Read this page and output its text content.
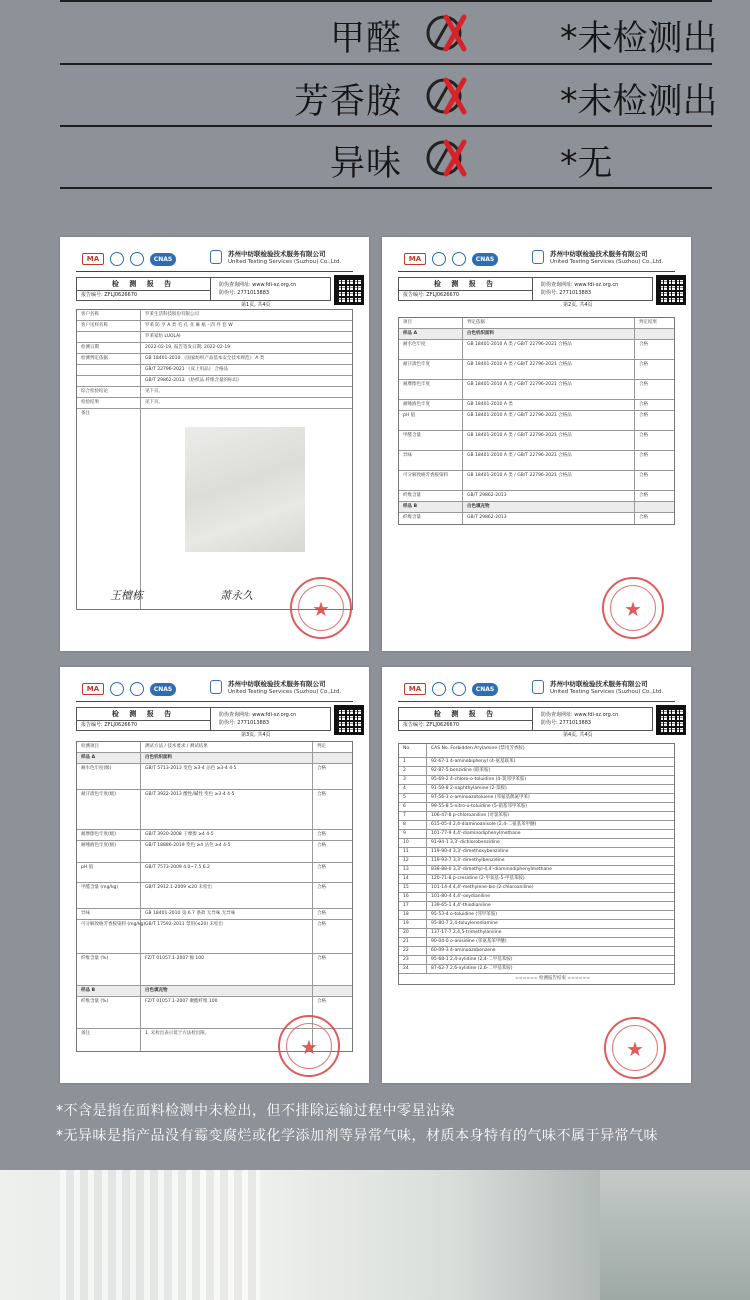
甲醛	*未检测出
芳香胺	*未检测出
异味	*无
MA	CNAS
苏州中纺联检验技术服务有限公司
United Testing Services (Suzhou) Co.,Ltd.
检 测 报 告
报告编号: ZFLJ0626670
防伪查询网址: www.fdi-sz.org.cn
防伪号: 2771013883
第1页, 共4页
客户名称	罗莱生活科技股份有限公司
客户送样名称	罗莱 防 亨 A 类 毛 孔 亚 麻 纸 - 四 件 套 W
罗莱家纺 LUOLAI
检测日期	2022-02-19, 报告签发日期: 2022-02-19
检测判定依据	GB 18401-2010 《国家纺织产品基本安全技术规范》 A 类
GB/T 22796-2021 《床上用品》 合格品
GB/T 29862-2013 《纺织品 纤维含量的标识》
综合检验结论	见下页。
检验结果	见下页。
备注
王檀栋	萧永久
★
MA	CNAS
苏州中纺联检验技术服务有限公司
United Testing Services (Suzhou) Co.,Ltd.
检 测 报 告
报告编号: ZFLJ0626670
防伪查询网址: www.fdi-sz.org.cn
防伪号: 2771013883
第2页, 共4页
项目	判定依据	判定结果
样品 A	白色机织面料
耐水色牢度	GB 18401-2010 A 类 / GB/T 22796-2021 合格品	合格
耐汗渍色牢度	GB 18401-2010 A 类 / GB/T 22796-2021 合格品	合格
耐摩擦色牢度	GB 18401-2010 A 类 / GB/T 22796-2021 合格品	合格
耐唾液色牢度	GB 18401-2010 A 类	合格
pH 值	GB 18401-2010 A 类 / GB/T 22796-2021 合格品	合格
甲醛含量	GB 18401-2010 A 类 / GB/T 22796-2021 合格品	合格
异味	GB 18401-2010 A 类 / GB/T 22796-2021 合格品	合格
可分解致癌芳香胺染料	GB 18401-2010 A 类 / GB/T 22796-2021 合格品	合格
纤维含量	GB/T 29862-2013	合格
样品 B	白色填充物
纤维含量	GB/T 29862-2013	合格
★
MA	CNAS
苏州中纺联检验技术服务有限公司
United Testing Services (Suzhou) Co.,Ltd.
检 测 报 告
报告编号: ZFLJ0626670
防伪查询网址: www.fdi-sz.org.cn
防伪号: 2771013883
第3页, 共4页
检测项目	测试方法 / 技术要求 / 测试结果	判定
样品 A	白色机织面料
耐水色牢度(级)	GB/T 5713-2013 变色 ≥3-4 沾色 ≥3-4 4-5	合格
耐汗渍色牢度(级)	GB/T 3922-2013 酸性/碱性 变色 ≥3-4 4-5	合格
耐摩擦色牢度(级)	GB/T 3920-2008 干摩擦 ≥4 4-5	合格
耐唾液色牢度(级)	GB/T 18886-2019 变色 ≥4 沾色 ≥4 4-5	合格
pH 值	GB/T 7573-2009 4.0~7.5 6.2	合格
甲醛含量 (mg/kg)	GB/T 2912.1-2009 ≤20 未检出	合格
异味	GB 18401-2010 第 6.7 条款 无异味 无异味	合格
可分解致癌芳香胺染料 (mg/kg) GB/T 17592-2011 禁用(≤20) 未检出	合格
纤维含量 (%)	FZ/T 01057.1-2007 棉 100	合格
样品 B	白色填充物
纤维含量 (%)	FZ/T 01057.1-2007 聚酯纤维 100	合格
备注	1. 未检出表示低于方法检出限。
★
MA	CNAS
苏州中纺联检验技术服务有限公司
United Testing Services (Suzhou) Co.,Ltd.
检 测 报 告
报告编号: ZFLJ0626670
防伪查询网址: www.fdi-sz.org.cn
防伪号: 2771013883
第4页, 共4页
No.	CAS No. Forbidden Arylamine (禁用芳香胺)
1	92-67-1 4-aminobiphenyl (4-氨基联苯)
2	92-87-5 benzidine (联苯胺)
3	95-69-2 4-chloro-o-toluidine (4-氯邻甲苯胺)
4	91-59-8 2-naphthylamine (2-萘胺)
5	97-56-3 o-aminoazotoluene (邻氨基偶氮甲苯)
6	99-55-8 5-nitro-o-toluidine (5-硝基邻甲苯胺)
7	106-47-8 p-chloroaniline (对氯苯胺)
8	615-05-4 2,4-diaminoanisole (2,4-二氨基苯甲醚)
9	101-77-9 4,4'-diaminodiphenylmethane
10	91-94-1 3,3'-dichlorobenzidine
11	119-90-4 3,3'-dimethoxybenzidine
12	119-93-7 3,3'-dimethylbenzidine
13	838-88-0 3,3'-dimethyl-4,4'-diaminodiphenylmethane
14	120-71-8 p-cresidine (2-甲氧基-5-甲基苯胺)
15	101-14-4 4,4'-methylene-bis-(2-chloroaniline)
16	101-80-4 4,4'-oxydianiline
17	139-65-1 4,4'-thiodianiline
18	95-53-4 o-toluidine (邻甲苯胺)
19	95-80-7 2,4-toluylenediamine
20	137-17-7 2,4,5-trimethylaniline
21	90-04-0 o-anisidine (邻氨基苯甲醚)
22	60-09-3 4-aminoazobenzene
23	95-68-1 2,4-xylidine (2,4-二甲基苯胺)
24	87-62-7 2,6-xylidine (2,6-二甲基苯胺)
====== 检测报告结束 ======
★
*不含是指在面料检测中未检出，但不排除运输过程中零星沾染
*无异味是指产品没有霉变腐烂或化学添加剂等异常气味，材质本身特有的气味不属于异常气味
